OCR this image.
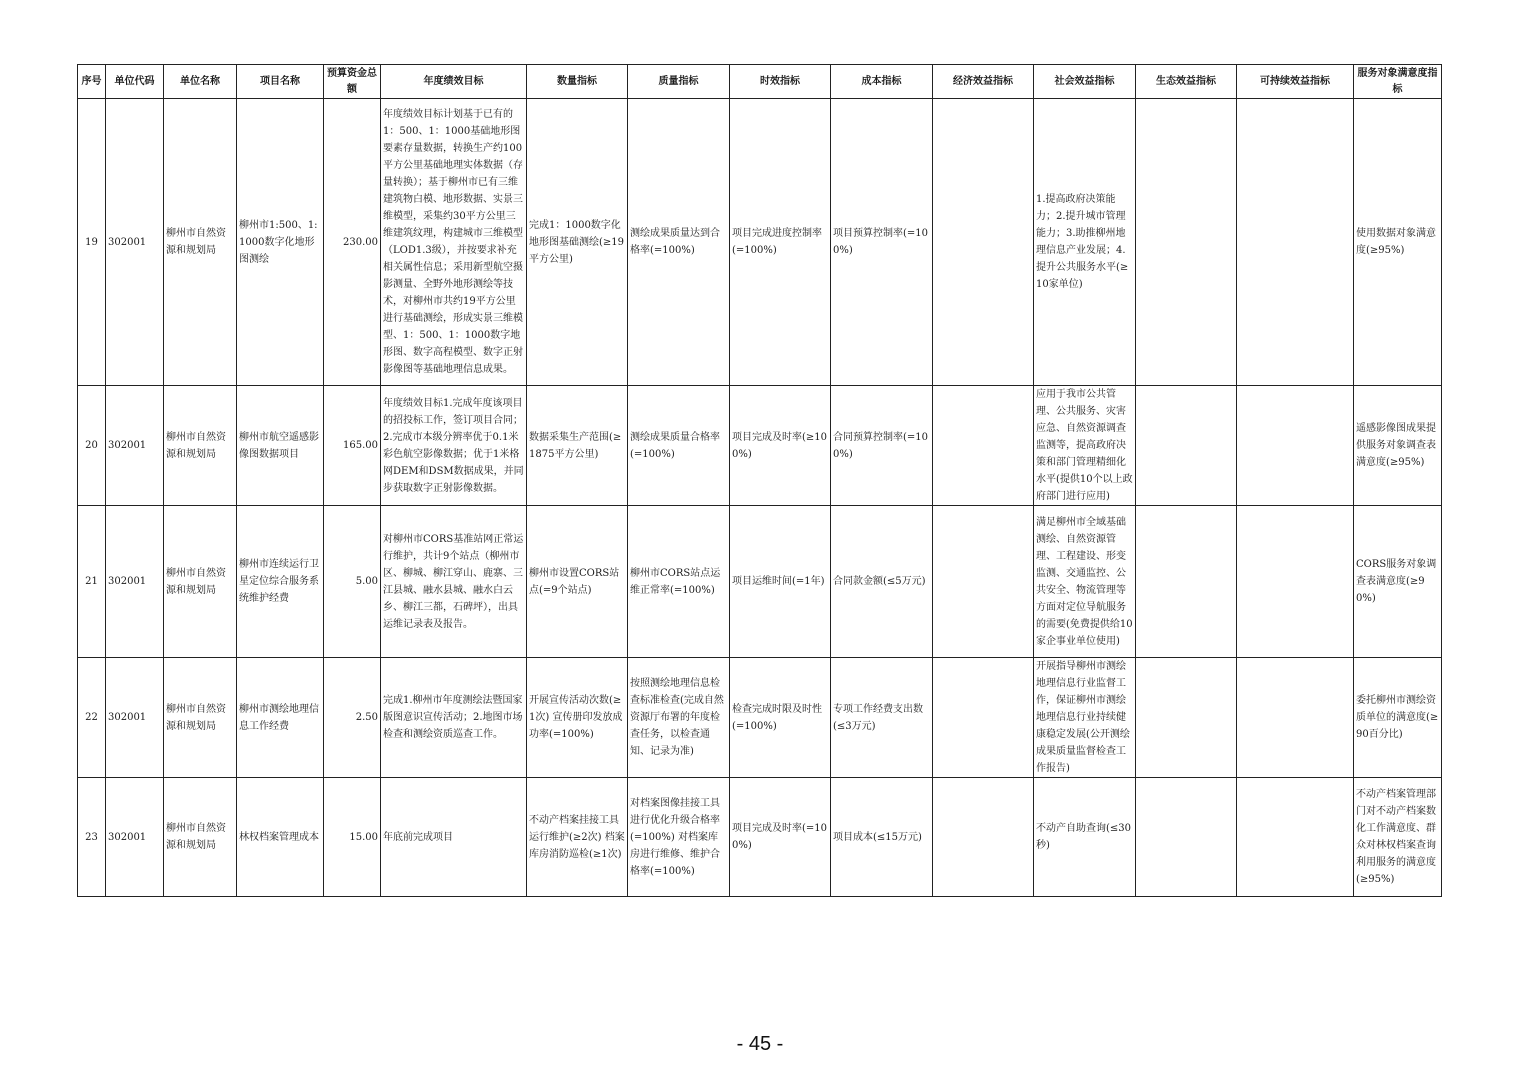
序号	单位代码	单位名称	项目名称	预算资金总额	年度绩效目标	数量指标	质量指标	时效指标	成本指标	经济效益指标	社会效益指标	生态效益指标	可持续效益指标	服务对象满意度指标
19	302001	柳州市自然资源和规划局	柳州市1:500、1:1000数字化地形图测绘	230.00	年度绩效目标计划基于已有的1：500、1：1000基础地形图要素存量数据，转换生产约100平方公里基础地理实体数据（存量转换）；基于柳州市已有三维建筑物白模、地形数据、实景三维模型，采集约30平方公里三维建筑纹理，构建城市三维模型（LOD1.3级），并按要求补充相关属性信息；采用新型航空摄影测量、全野外地形测绘等技术，对柳州市共约19平方公里进行基础测绘，形成实景三维模型、1：500、1：1000数字地形图、数字高程模型、数字正射影像图等基础地理信息成果。	完成1：1000数字化地形图基础测绘(≥19平方公里)	测绘成果质量达到合格率(=100%)	项目完成进度控制率(=100%)	项目预算控制率(=100%)		1.提高政府决策能力；2.提升城市管理能力；3.助推柳州地理信息产业发展；4.提升公共服务水平(≥10家单位)			使用数据对象满意度(≥95%)
20	302001	柳州市自然资源和规划局	柳州市航空遥感影像图数据项目	165.00	年度绩效目标1.完成年度该项目的招投标工作，签订项目合同；2.完成市本级分辨率优于0.1米彩色航空影像数据；优于1米格网DEM和DSM数据成果，并同步获取数字正射影像数据。	数据采集生产范围(≥1875平方公里)	测绘成果质量合格率(=100%)	项目完成及时率(≥100%)	合同预算控制率(=100%)		应用于我市公共管理、公共服务、灾害应急、自然资源调查监测等，提高政府决策和部门管理精细化水平(提供10个以上政府部门进行应用)			遥感影像图成果提供服务对象调查表满意度(≥95%)
21	302001	柳州市自然资源和规划局	柳州市连续运行卫星定位综合服务系统维护经费	5.00	对柳州市CORS基准站网正常运行维护，共计9个站点（柳州市区、柳城、柳江穿山、鹿寨、三江县城、融水县城、融水白云乡、柳江三都，石碑坪），出具运维记录表及报告。	柳州市设置CORS站点(=9个站点)	柳州市CORS站点运维正常率(=100%)	项目运维时间(=1年)	合同款金额(≤5万元)		满足柳州市全域基础测绘、自然资源管理、工程建设、形变监测、交通监控、公共安全、物流管理等方面对定位导航服务的需要(免费提供给10家企事业单位使用)			CORS服务对象调查表满意度(≥90%)
22	302001	柳州市自然资源和规划局	柳州市测绘地理信息工作经费	2.50	完成1.柳州市年度测绘法暨国家版图意识宣传活动；2.地图市场检查和测绘资质巡查工作。	开展宣传活动次数(≥1次) 宣传册印发放成功率(=100%)	按照测绘地理信息检查标准检查(完成自然资源厅布署的年度检查任务，以检查通知、记录为准)	检查完成时限及时性(=100%)	专项工作经费支出数(≤3万元)		开展指导柳州市测绘地理信息行业监督工作，保证柳州市测绘地理信息行业持续健康稳定发展(公开测绘成果质量监督检查工作报告)			委托柳州市测绘资质单位的满意度(≥90百分比)
23	302001	柳州市自然资源和规划局	林权档案管理成本	15.00	年底前完成项目	不动产档案挂接工具运行维护(≥2次) 档案库房消防巡检(≥1次)	对档案图像挂接工具进行优化升级合格率(=100%) 对档案库房进行维修、维护合格率(=100%)	项目完成及时率(=100%)	项目成本(≤15万元)		不动产自助查询(≤30秒)			不动产档案管理部门对不动产档案数化工作满意度、群众对林权档案查询利用服务的满意度(≥95%)
- 45 -
